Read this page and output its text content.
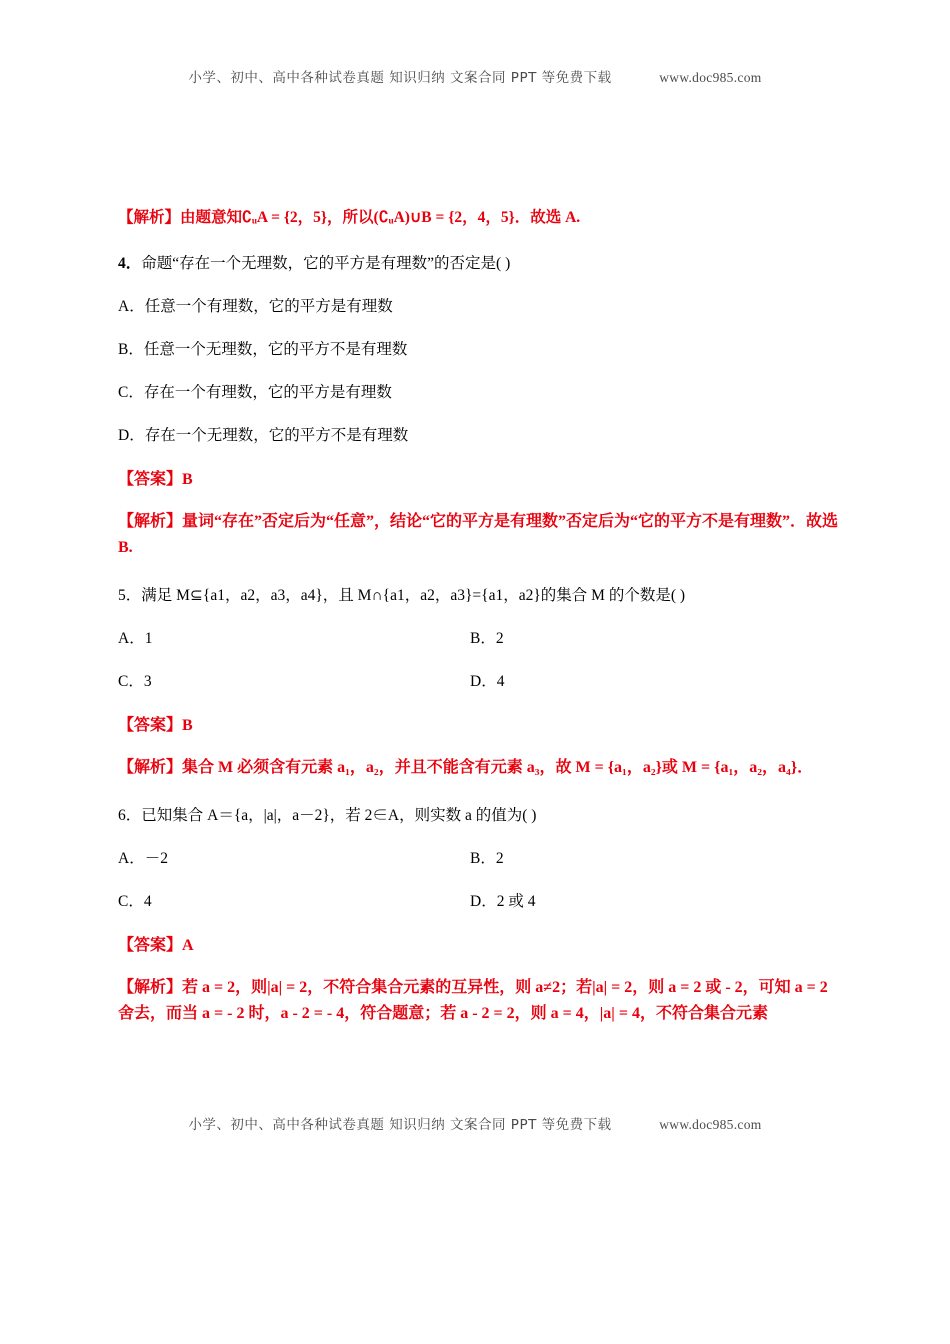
小学、初中、高中各种试卷真题 知识归纳 文案合同 PPT 等免费下载	www.doc985.com
【解析】由题意知∁ᵤA = {2，5}，所以(∁ᵤA)∪B = {2，4，5}．故选 A.
4．命题“存在一个无理数，它的平方是有理数”的否定是( )
A．任意一个有理数，它的平方是有理数
B．任意一个无理数，它的平方不是有理数
C．存在一个有理数，它的平方是有理数
D．存在一个无理数，它的平方不是有理数
【答案】B
【解析】量词“存在”否定后为“任意”，结论“它的平方是有理数”否定后为“它的平方不是有理数”．故选 B.
5．满足 M⊆{a1，a2，a3，a4}，且 M∩{a1，a2，a3}={a1，a2}的集合 M 的个数是( )
A．1	B．2
C．3	D．4
【答案】B
【解析】集合 M 必须含有元素 a₁，a₂，并且不能含有元素 a₃，故 M = {a₁，a₂}或 M = {a₁，a₂，a₄}．
6．已知集合 A＝{a，|a|，a－2}，若 2∈A，则实数 a 的值为( )
A．－2	B．2
C．4	D．2 或 4
【答案】A
【解析】若 a = 2，则|a| = 2，不符合集合元素的互异性，则 a≠2；若|a| = 2，则 a = 2 或 - 2，可知 a = 2 舍去，而当 a = - 2 时，a - 2 = - 4，符合题意；若 a - 2 = 2，则 a = 4，|a| = 4，不符合集合元素
小学、初中、高中各种试卷真题 知识归纳 文案合同 PPT 等免费下载	www.doc985.com
